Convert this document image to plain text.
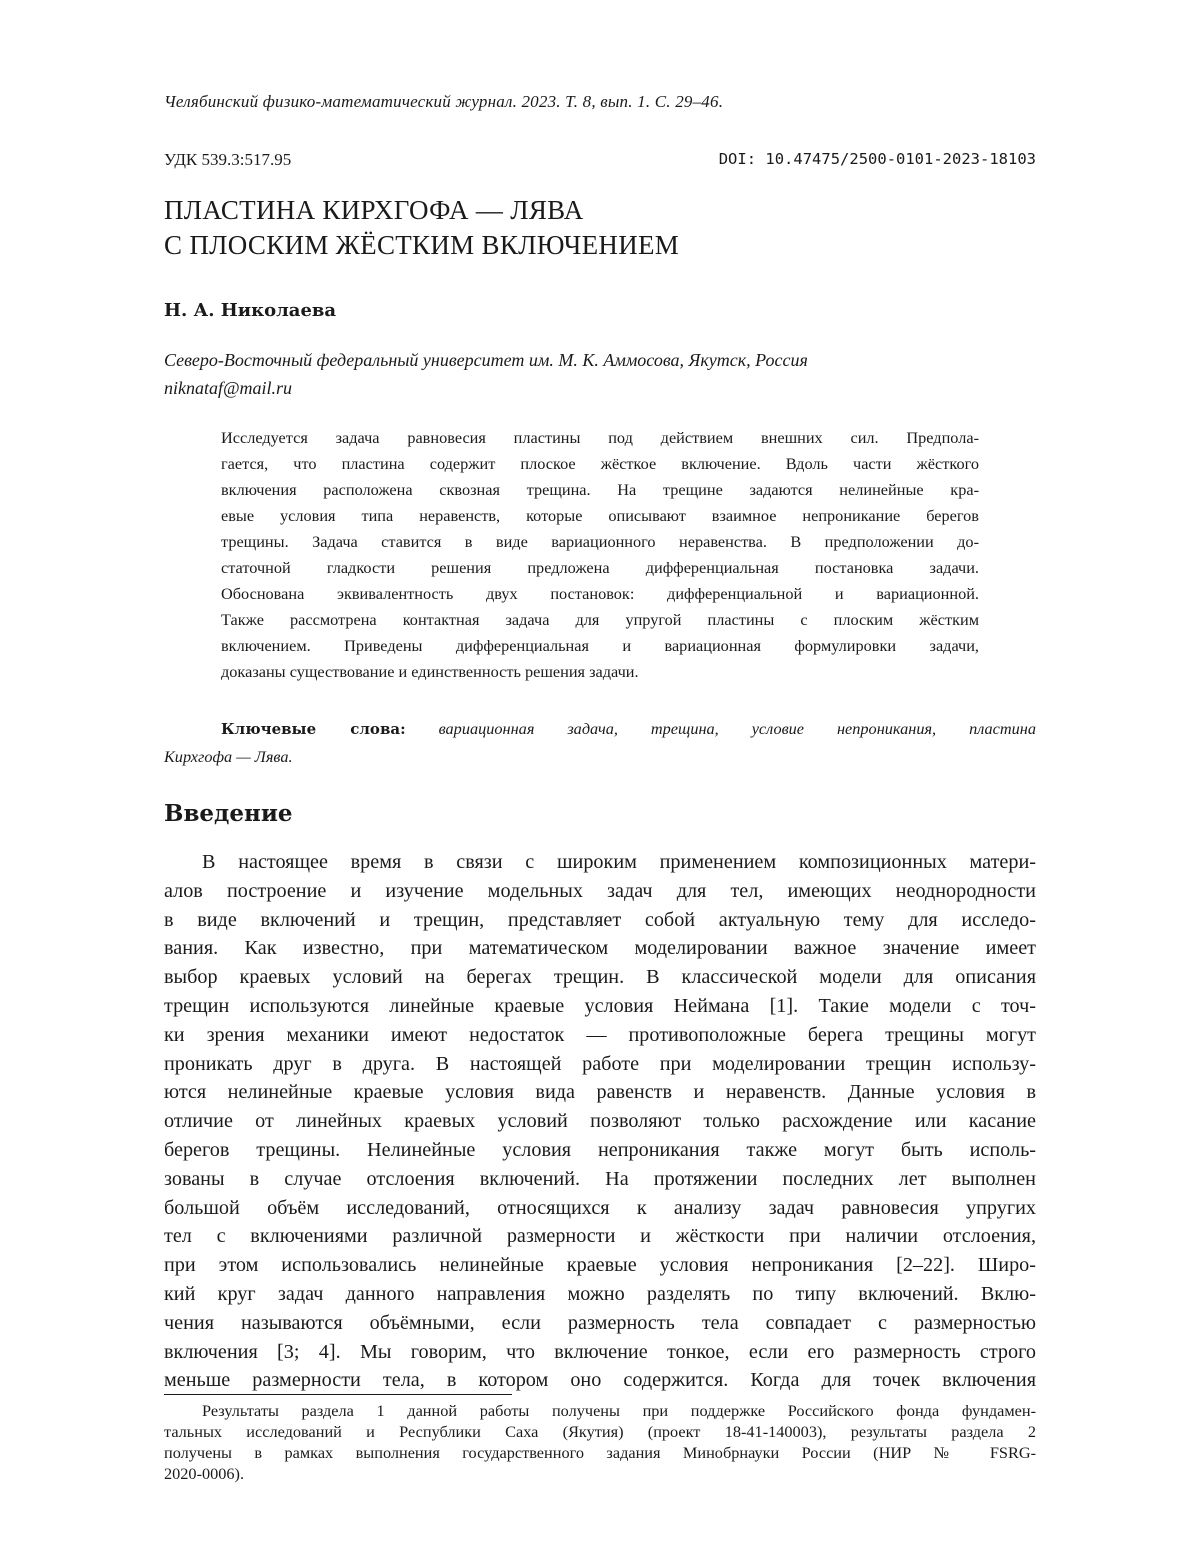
Челябинский физико-математический журнал. 2023. Т. 8, вып. 1. С. 29–46.
УДК 539.3:517.95	DOI: 10.47475/2500-0101-2023-18103
ПЛАСТИНА КИРХГОФА — ЛЯВА
С ПЛОСКИМ ЖЁСТКИМ ВКЛЮЧЕНИЕМ
Н. А. Николаева
Северо-Восточный федеральный университет им. М. К. Аммосова, Якутск, Россия
niknataf@mail.ru
Исследуется задача равновесия пластины под действием внешних сил. Предпола-
гается, что пластина содержит плоское жёсткое включение. Вдоль части жёсткого
включения расположена сквозная трещина. На трещине задаются нелинейные кра-
евые условия типа неравенств, которые описывают взаимное непроникание берегов
трещины. Задача ставится в виде вариационного неравенства. В предположении до-
статочной гладкости решения предложена дифференциальная постановка задачи.
Обоснована эквивалентность двух постановок: дифференциальной и вариационной.
Также рассмотрена контактная задача для упругой пластины с плоским жёстким
включением. Приведены дифференциальная и вариационная формулировки задачи,
доказаны существование и единственность решения задачи.
Ключевые слова: вариационная задача, трещина, условие непроникания, пластина
Кирхгофа — Лява.
Введение
В настоящее время в связи с широким применением композиционных матери-
алов построение и изучение модельных задач для тел, имеющих неоднородности
в виде включений и трещин, представляет собой актуальную тему для исследо-
вания. Как известно, при математическом моделировании важное значение имеет
выбор краевых условий на берегах трещин. В классической модели для описания
трещин используются линейные краевые условия Неймана [1]. Такие модели с точ-
ки зрения механики имеют недостаток — противоположные берега трещины могут
проникать друг в друга. В настоящей работе при моделировании трещин использу-
ются нелинейные краевые условия вида равенств и неравенств. Данные условия в
отличие от линейных краевых условий позволяют только расхождение или касание
берегов трещины. Нелинейные условия непроникания также могут быть исполь-
зованы в случае отслоения включений. На протяжении последних лет выполнен
большой объём исследований, относящихся к анализу задач равновесия упругих
тел с включениями различной размерности и жёсткости при наличии отслоения,
при этом использовались нелинейные краевые условия непроникания [2–22]. Широ-
кий круг задач данного направления можно разделять по типу включений. Вклю-
чения называются объёмными, если размерность тела совпадает с размерностью
включения [3; 4]. Мы говорим, что включение тонкое, если его размерность строго
меньше размерности тела, в котором оно содержится. Когда для точек включения
Результаты раздела 1 данной работы получены при поддержке Российского фонда фундамен-
тальных исследований и Республики Саха (Якутия) (проект 18-41-140003), результаты раздела 2
получены в рамках выполнения государственного задания Минобрнауки России (НИР № FSRG-
2020-0006).
